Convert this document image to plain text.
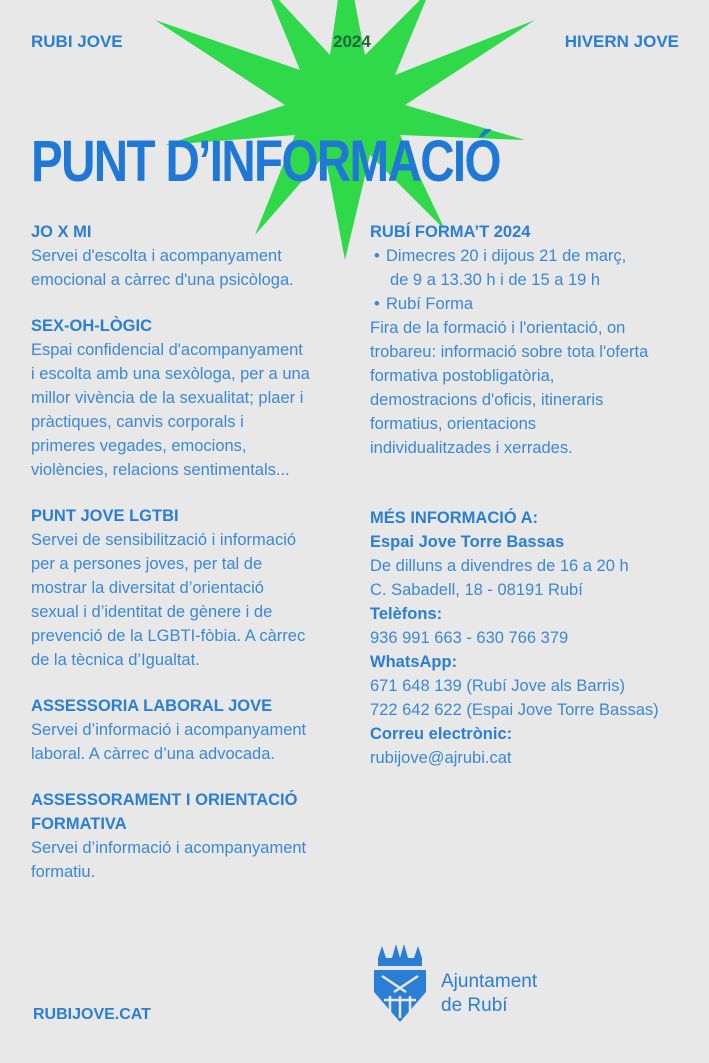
RUBI JOVE	2024	HIVERN JOVE
PUNT D’INFORMACIÓ
JO X MI
Servei d'escolta i acompanyament
emocional a càrrec d'una psicòloga.
SEX-OH-LÒGIC
Espai confidencial d'acompanyament
i escolta amb una sexòloga, per a una
millor vivència de la sexualitat; plaer i
pràctiques, canvis corporals i
primeres vegades, emocions,
violències, relacions sentimentals...
PUNT JOVE LGTBI
Servei de sensibilització i informació
per a persones joves, per tal de
mostrar la diversitat d’orientació
sexual i d’identitat de gènere i de
prevenció de la LGBTI-fòbia. A càrrec
de la tècnica d’Igualtat.
ASSESSORIA LABORAL JOVE
Servei d’informació i acompanyament
laboral. A càrrec d’una advocada.
ASSESSORAMENT I ORIENTACIÓ
FORMATIVA
Servei d’informació i acompanyament
formatiu.
RUBÍ FORMA’T 2024
• Dimecres 20 i dijous 21 de març,
de 9 a 13.30 h i de 15 a 19 h
• Rubí Forma
Fira de la formació i l'orientació, on
trobareu: informació sobre tota l'oferta
formativa postobligatòria,
demostracions d'oficis, itineraris
formatius, orientacions
individualitzades i xerrades.
MÉS INFORMACIÓ A:
Espai Jove Torre Bassas
De dilluns a divendres de 16 a 20 h
C. Sabadell, 18 - 08191 Rubí
Telèfons:
936 991 663 - 630 766 379
WhatsApp:
671 648 139 (Rubí Jove als Barris)
722 642 622 (Espai Jove Torre Bassas)
Correu electrònic:
rubijove@ajrubi.cat
RUBIJOVE.CAT
Ajuntament
de Rubí
